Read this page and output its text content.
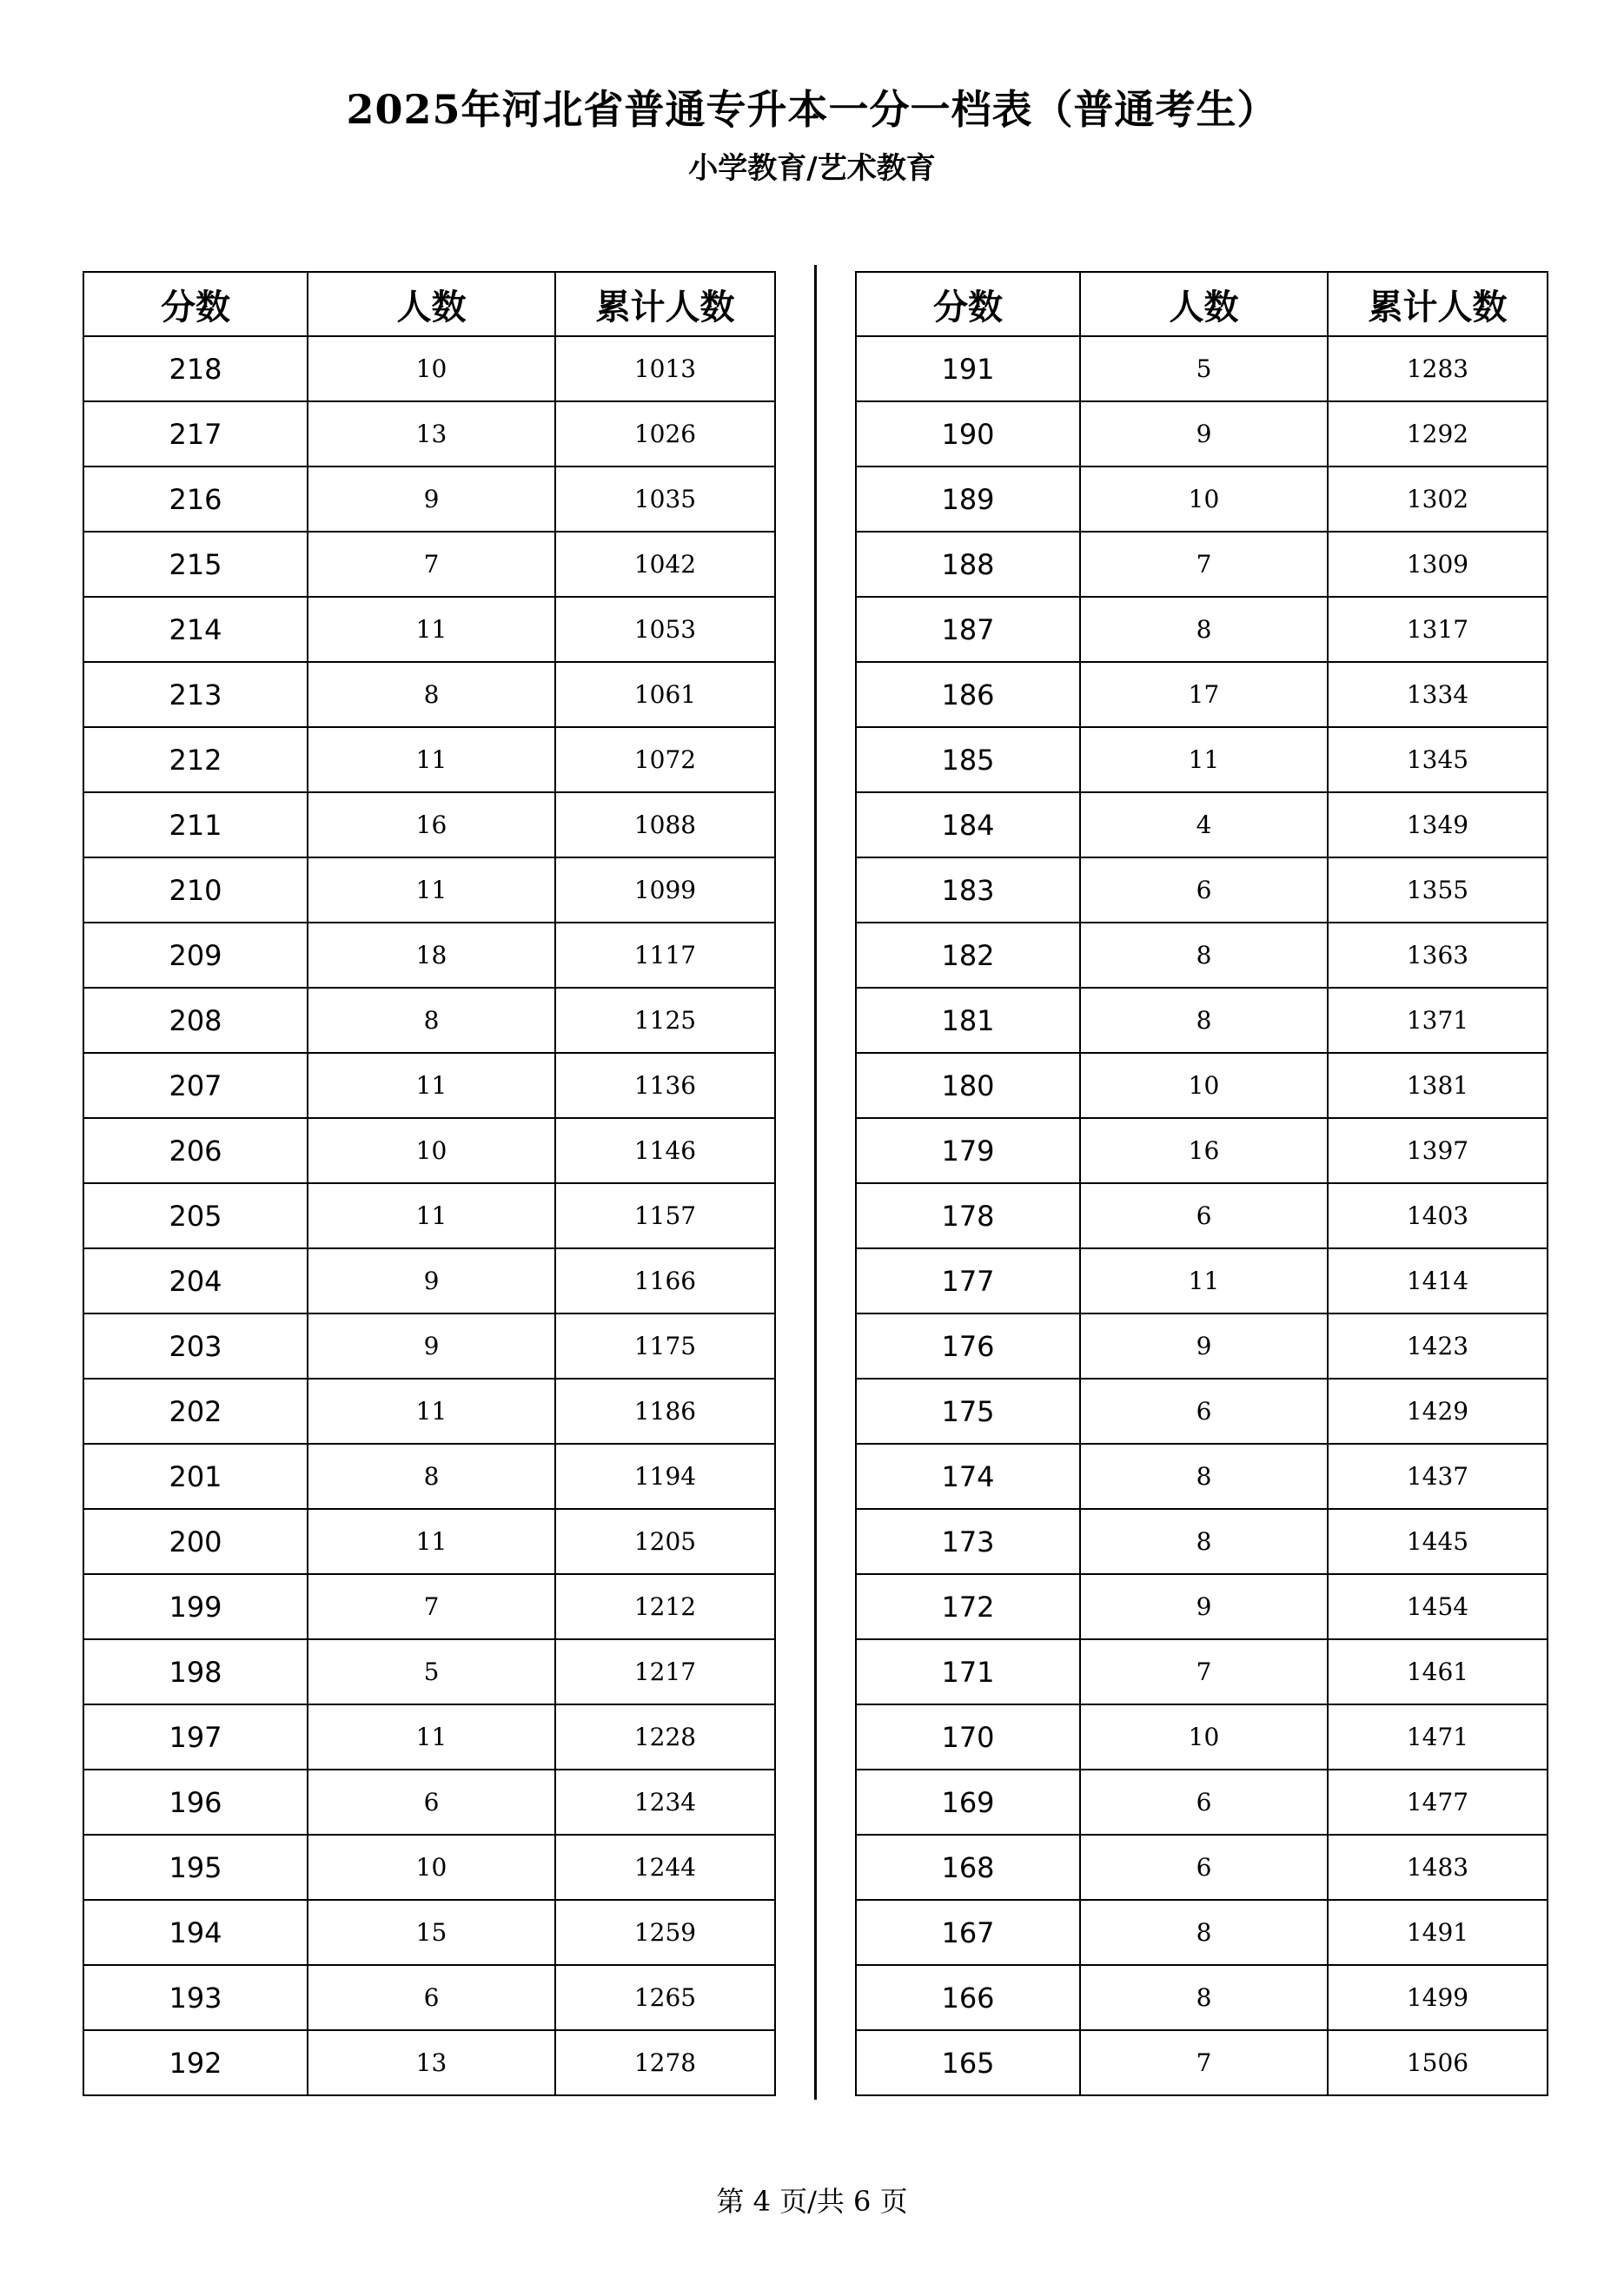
2025年河北省普通专升本一分一档表（普通考生）
小学教育/艺术教育
分数	人数	累计人数
218	10	1013
217	13	1026
216	9	1035
215	7	1042
214	11	1053
213	8	1061
212	11	1072
211	16	1088
210	11	1099
209	18	1117
208	8	1125
207	11	1136
206	10	1146
205	11	1157
204	9	1166
203	9	1175
202	11	1186
201	8	1194
200	11	1205
199	7	1212
198	5	1217
197	11	1228
196	6	1234
195	10	1244
194	15	1259
193	6	1265
192	13	1278
分数	人数	累计人数
191	5	1283
190	9	1292
189	10	1302
188	7	1309
187	8	1317
186	17	1334
185	11	1345
184	4	1349
183	6	1355
182	8	1363
181	8	1371
180	10	1381
179	16	1397
178	6	1403
177	11	1414
176	9	1423
175	6	1429
174	8	1437
173	8	1445
172	9	1454
171	7	1461
170	10	1471
169	6	1477
168	6	1483
167	8	1491
166	8	1499
165	7	1506
第 4 页/共 6 页
